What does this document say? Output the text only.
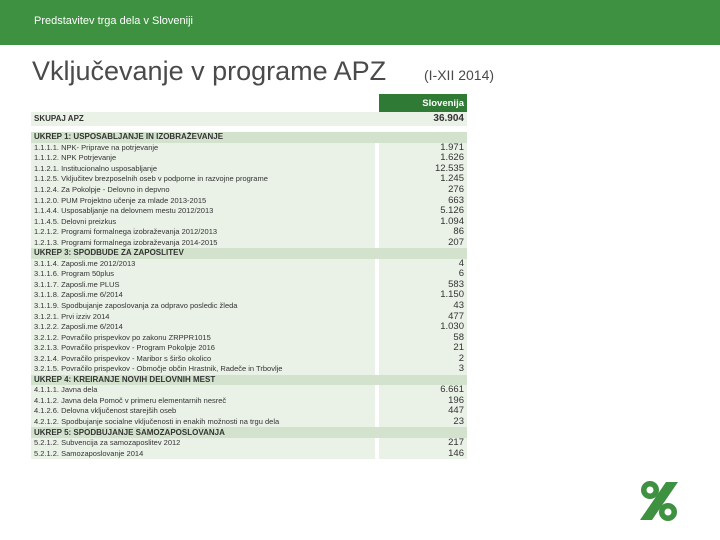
Predstavitev trga dela v Sloveniji
Vključevanje v programe APZ	(I-XII 2014)
		Slovenija
SKUPAJ APZ		36.904

UKREP 1: USPOSABLJANJE IN IZOBRAŽEVANJE		
1.1.1.1. NPK- Priprave na potrjevanje		1.971
1.1.1.2. NPK Potrjevanje		1.626
1.1.2.1. Institucionalno usposabljanje		12.535
1.1.2.5. Vključitev brezposelnih oseb v podporne in razvojne programe		1.245
1.1.2.4. Za Pokolpje - Delovno in depvno		276
1.1.2.0. PUM Projektno učenje za mlade 2013-2015		663
1.1.4.4. Usposabljanje na delovnem mestu 2012/2013		5.126
1.1.4.5. Delovni preizkus		1.094
1.2.1.2. Programi formalnega izobraževanja 2012/2013		86
1.2.1.3. Programi formalnega izobraževanja 2014-2015		207
UKREP 3: SPODBUDE ZA ZAPOSLITEV		
3.1.1.4. Zaposli.me 2012/2013		4
3.1.1.6. Program 50plus		6
3.1.1.7. Zaposli.me PLUS		583
3.1.1.8. Zaposli.me 6/2014		1.150
3.1.1.9. Spodbujanje zaposlovanja za odpravo posledic žleda		43
3.1.2.1. Prvi izziv 2014		477
3.1.2.2. Zaposli.me 6/2014		1.030
3.2.1.2. Povračilo prispevkov po zakonu ZRPPR1015		58
3.2.1.3. Povračilo prispevkov - Program Pokolpje 2016		21
3.2.1.4. Povračilo prispevkov - Maribor s širšo okolico		2
3.2.1.5. Povračilo prispevkov - Območje občin Hrastnik, Radeče in Trbovlje		3
UKREP 4: KREIRANJE NOVIH DELOVNIH MEST		
4.1.1.1. Javna dela		6.661
4.1.1.2. Javna dela Pomoč v primeru elementarnih nesreč		196
4.1.2.6. Delovna vključenost starejših oseb		447
4.2.1.2. Spodbujanje socialne vključenosti in enakih možnosti na trgu dela		23
UKREP 5: SPODBUJANJE SAMOZAPOSLOVANJA		
5.2.1.2. Subvencija za samozaposlitev 2012		217
5.2.1.2. Samozaposlovanje 2014		146
